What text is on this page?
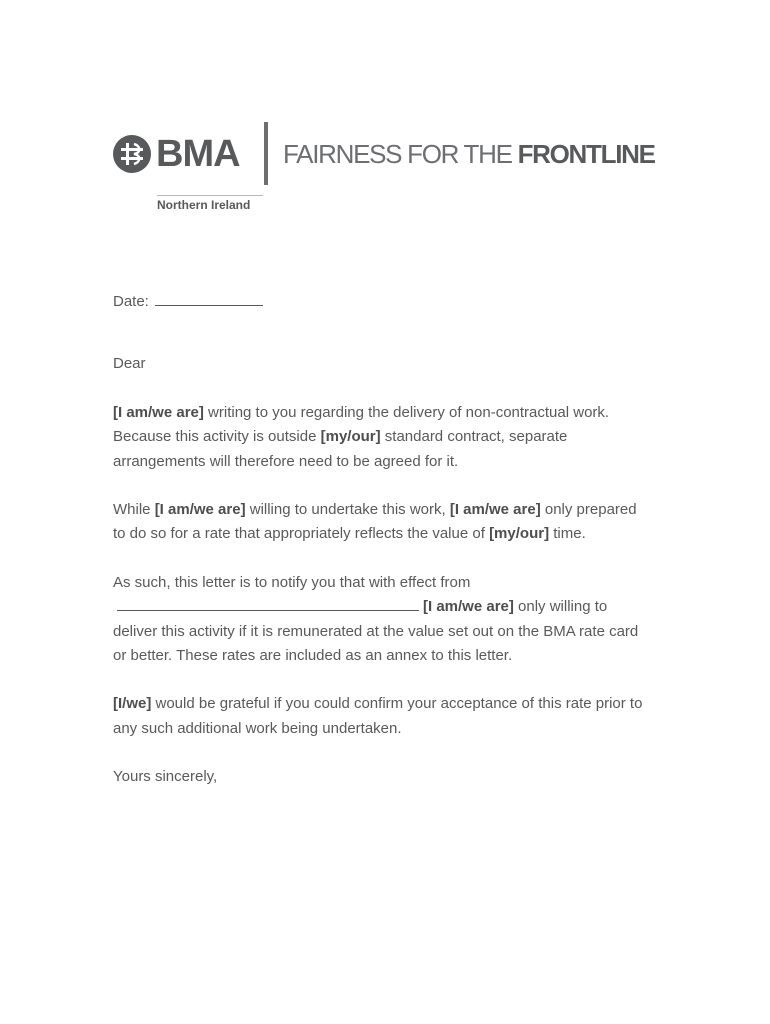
BMA FAIRNESS FOR THE FRONTLINE
Northern Ireland

Date:

Dear

[I am/we are] writing to you regarding the delivery of non-contractual work. Because this activity is outside [my/our] standard contract, separate arrangements will therefore need to be agreed for it.

While [I am/we are] willing to undertake this work, [I am/we are] only prepared to do so for a rate that appropriately reflects the value of [my/our] time.

As such, this letter is to notify you that with effect from
[I am/we are] only willing to deliver this activity if it is remunerated at the value set out on the BMA rate card or better. These rates are included as an annex to this letter.

[I/we] would be grateful if you could confirm your acceptance of this rate prior to any such additional work being undertaken.

Yours sincerely,
